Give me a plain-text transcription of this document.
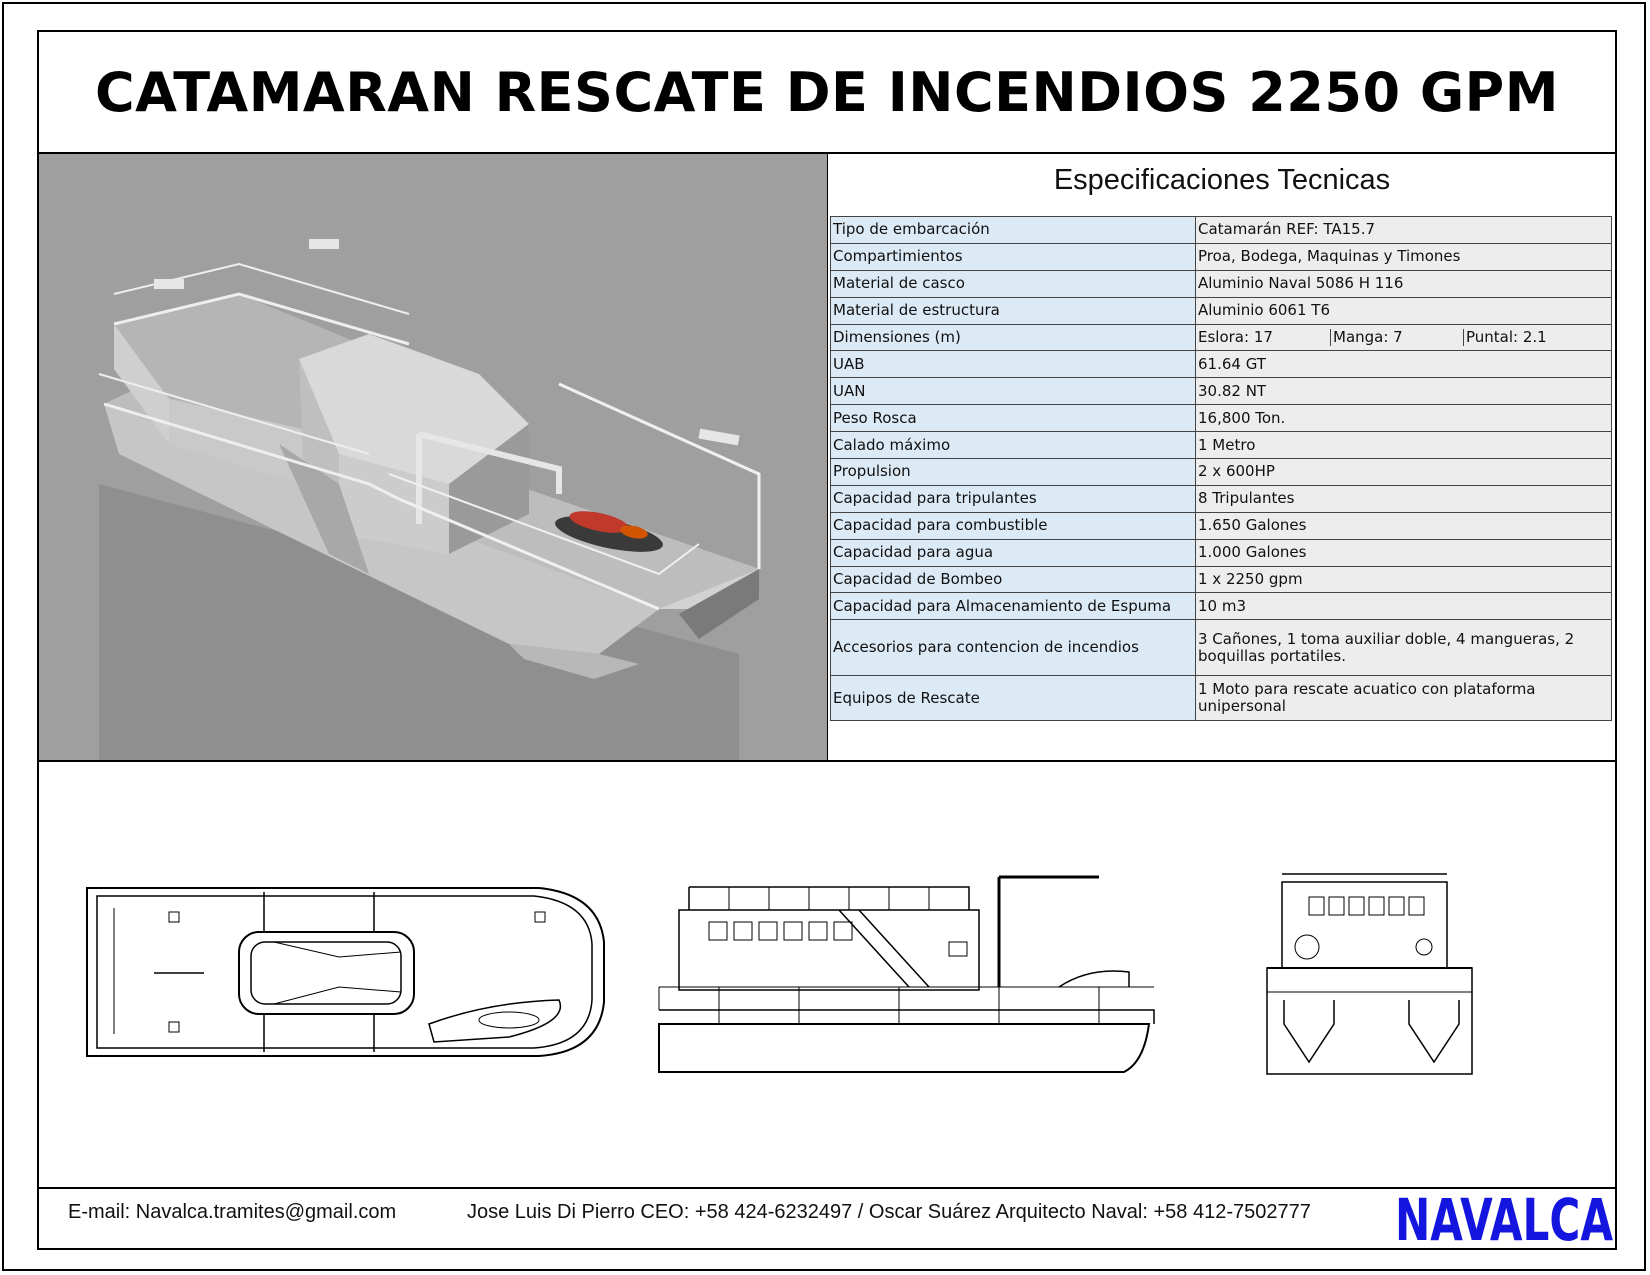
CATAMARAN RESCATE DE INCENDIOS 2250 GPM
Especificaciones Tecnicas
Tipo de embarcación	Catamarán REF: TA15.7
Compartimientos	Proa, Bodega, Maquinas y Timones
Material de casco	Aluminio Naval 5086 H 116
Material de estructura	Aluminio 6061 T6
Dimensiones (m)	Eslora: 17 Manga: 7 Puntal: 2.1

UAB	61.64 GT
UAN	30.82 NT
Peso Rosca	16,800 Ton.
Calado máximo	1 Metro
Propulsion	2 x 600HP
Capacidad para tripulantes	8 Tripulantes
Capacidad para combustible	1.650 Galones
Capacidad para agua	1.000 Galones
Capacidad de Bombeo	1 x 2250 gpm
Capacidad para Almacenamiento de Espuma	10 m3
Accesorios para contencion de incendios	3 Cañones, 1 toma auxiliar doble, 4 mangueras, 2 boquillas portatiles.
Equipos de Rescate	1 Moto para rescate acuatico con plataforma unipersonal
E-mail: Navalca.tramites@gmail.com	Jose Luis Di Pierro CEO: +58 424-6232497 / Oscar Suárez Arquitecto Naval: +58 412-7502777 NAVALCA
